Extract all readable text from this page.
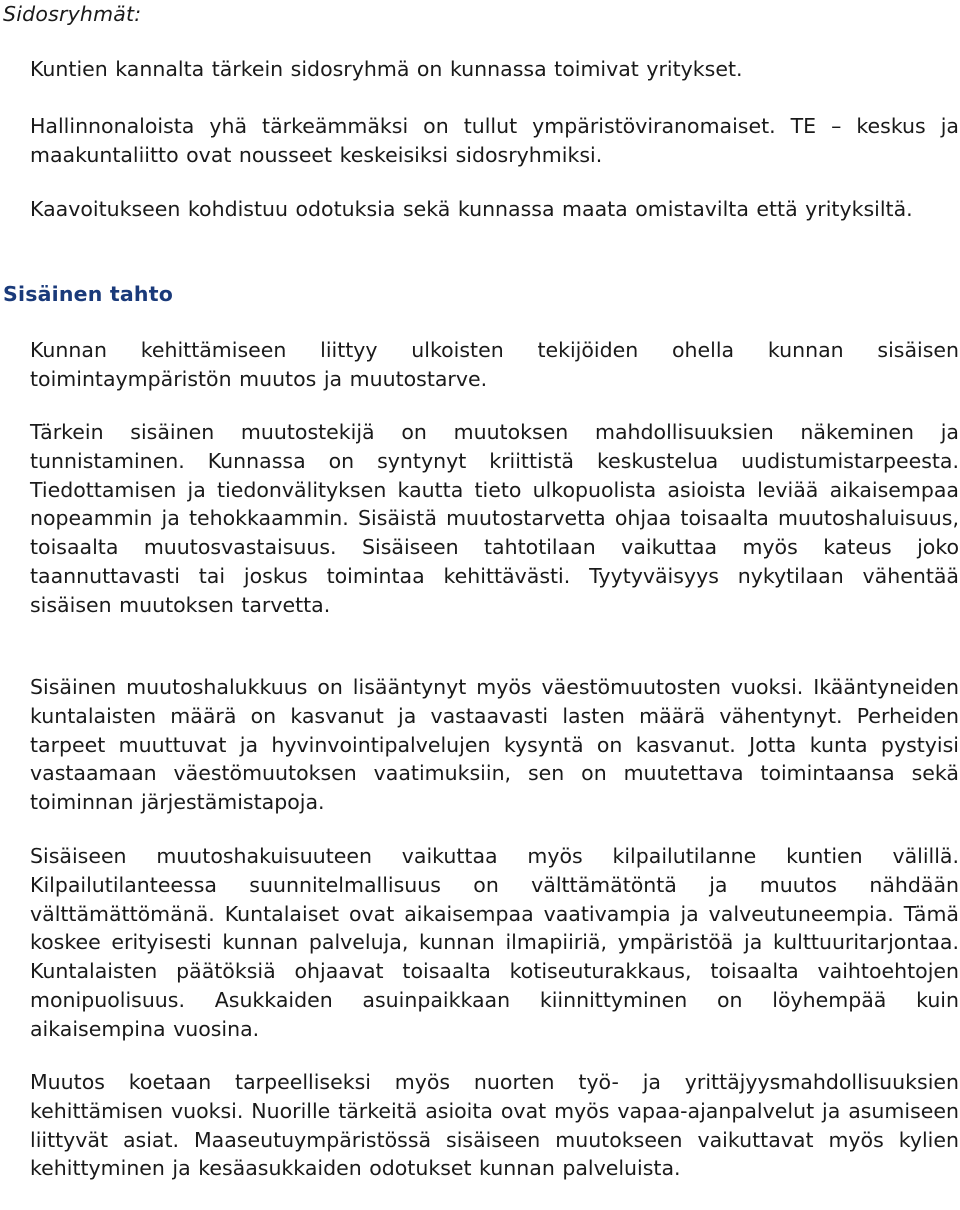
Sidosryhmät:

Kuntien kannalta tärkein sidosryhmä on kunnassa toimivat yritykset.

Hallinnonaloista yhä tärkeämmäksi on tullut ympäristöviranomaiset. TE – keskus ja maakuntaliitto ovat nousseet keskeisiksi sidosryhmiksi.

Kaavoitukseen kohdistuu odotuksia sekä kunnassa maata omistavilta että yrityksiltä.

Sisäinen tahto

Kunnan kehittämiseen liittyy ulkoisten tekijöiden ohella kunnan sisäisen toimintaympäristön muutos ja muutostarve.

Tärkein sisäinen muutostekijä on muutoksen mahdollisuuksien näkeminen ja tunnistaminen. Kunnassa on syntynyt kriittistä keskustelua uudistumistarpeesta. Tiedottamisen ja tiedonvälityksen kautta tieto ulkopuolista asioista leviää aikaisempaa nopeammin ja tehokkaammin. Sisäistä muutostarvetta ohjaa toisaalta muutoshaluisuus, toisaalta muutosvastaisuus. Sisäiseen tahtotilaan vaikuttaa myös kateus joko taannuttavasti tai joskus toimintaa kehittävästi. Tyytyväisyys nykytilaan vähentää sisäisen muutoksen tarvetta.

Sisäinen muutoshalukkuus on lisääntynyt myös väestömuutosten vuoksi. Ikääntyneiden kuntalaisten määrä on kasvanut ja vastaavasti lasten määrä vähentynyt. Perheiden tarpeet muuttuvat ja hyvinvointipalvelujen kysyntä on kasvanut. Jotta kunta pystyisi vastaamaan väestömuutoksen vaatimuksiin, sen on muutettava toimintaansa sekä toiminnan järjestämistapoja.

Sisäiseen muutoshakuisuuteen vaikuttaa myös kilpailutilanne kuntien välillä. Kilpailutilanteessa suunnitelmallisuus on välttämätöntä ja muutos nähdään välttämättömänä. Kuntalaiset ovat aikaisempaa vaativampia ja valveutuneempia. Tämä koskee erityisesti kunnan palveluja, kunnan ilmapiiriä, ympäristöä ja kulttuuritarjontaa. Kuntalaisten päätöksiä ohjaavat toisaalta kotiseuturakkaus, toisaalta vaihtoehtojen monipuolisuus. Asukkaiden asuinpaikkaan kiinnittyminen on löyhempää kuin aikaisempina vuosina.

Muutos koetaan tarpeelliseksi myös nuorten työ- ja yrittäjyysmahdollisuuksien kehittämisen vuoksi. Nuorille tärkeitä asioita ovat myös vapaa-ajanpalvelut ja asumiseen liittyvät asiat. Maaseutuympäristössä sisäiseen muutokseen vaikuttavat myös kylien kehittyminen ja kesäasukkaiden odotukset kunnan palveluista.
